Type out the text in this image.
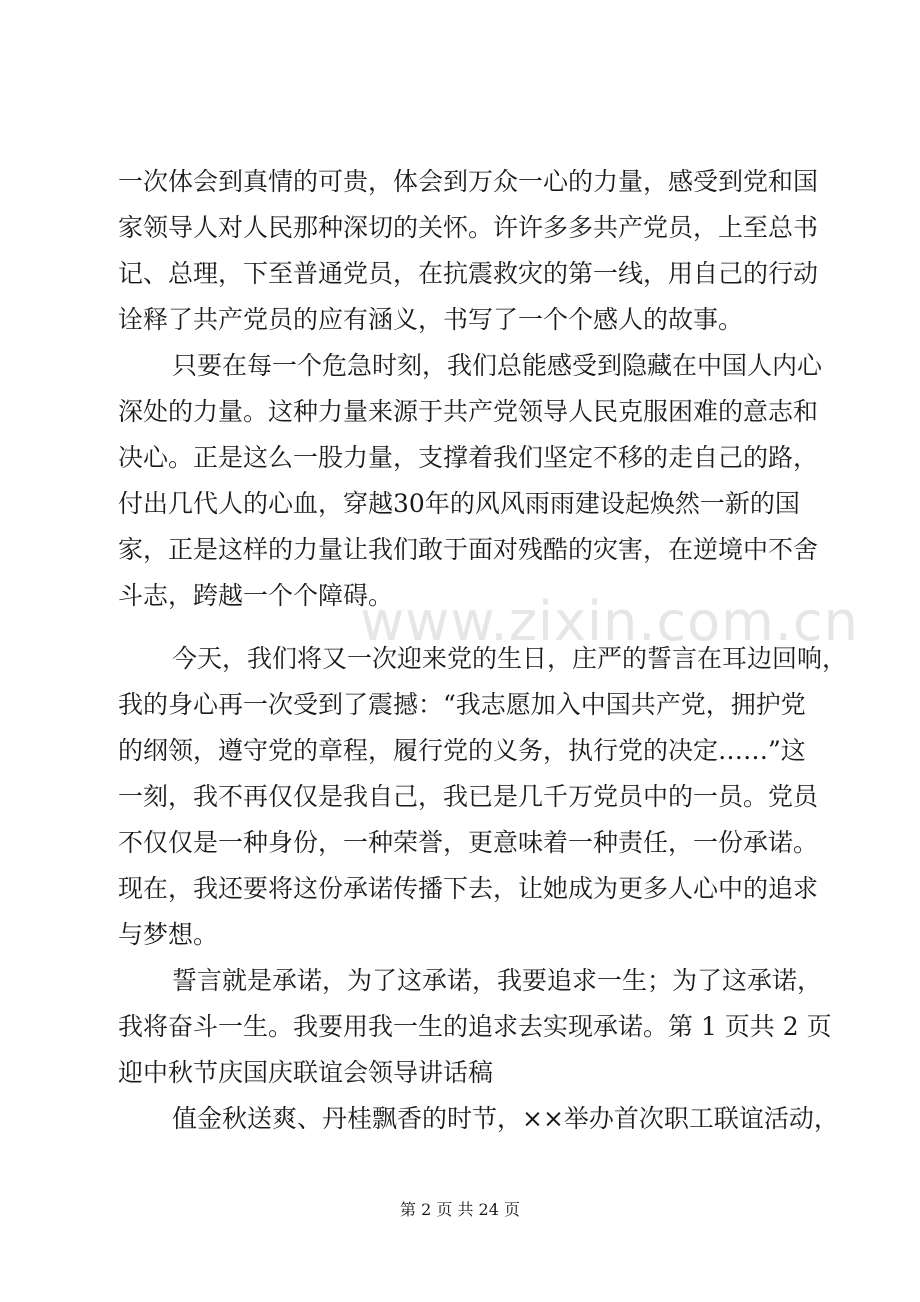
www.zixin.com.cn
一次体会到真情的可贵，体会到万众一心的力量，感受到党和国
家领导人对人民那种深切的关怀。许许多多共产党员，上至总书
记、总理，下至普通党员，在抗震救灾的第一线，用自己的行动
诠释了共产党员的应有涵义，书写了一个个感人的故事。
只要在每一个危急时刻，我们总能感受到隐藏在中国人内心
深处的力量。这种力量来源于共产党领导人民克服困难的意志和
决心。正是这么一股力量，支撑着我们坚定不移的走自己的路，
付出几代人的心血，穿越30年的风风雨雨建设起焕然一新的国
家，正是这样的力量让我们敢于面对残酷的灾害，在逆境中不舍
斗志，跨越一个个障碍。
今天，我们将又一次迎来党的生日，庄严的誓言在耳边回响，
我的身心再一次受到了震撼：“我志愿加入中国共产党，拥护党
的纲领，遵守党的章程，履行党的义务，执行党的决定……”这
一刻，我不再仅仅是我自己，我已是几千万党员中的一员。党员
不仅仅是一种身份，一种荣誉，更意味着一种责任，一份承诺。
现在，我还要将这份承诺传播下去，让她成为更多人心中的追求
与梦想。
誓言就是承诺，为了这承诺，我要追求一生；为了这承诺，
我将奋斗一生。我要用我一生的追求去实现承诺。第 1 页共 2 页
迎中秋节庆国庆联谊会领导讲话稿
值金秋送爽、丹桂飘香的时节，××举办首次职工联谊活动，
第 2 页 共 24 页
